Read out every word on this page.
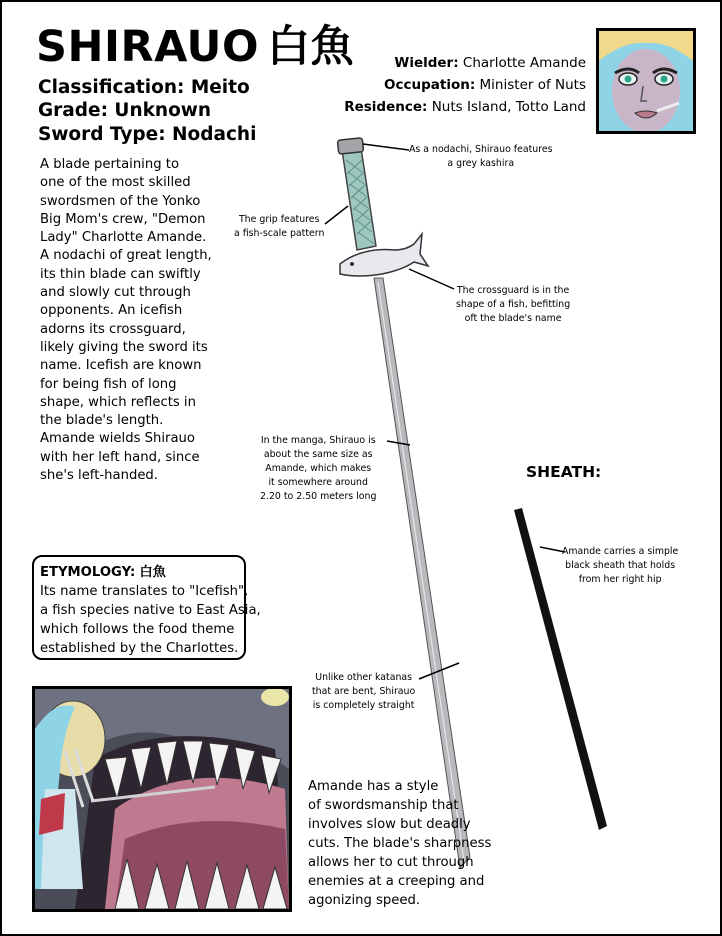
SHIRAUO 白魚
Classification: Meito
Grade: Unknown
Sword Type: Nodachi
Wielder: Charlotte Amande
Occupation: Minister of Nuts
Residence: Nuts Island, Totto Land
A blade pertaining to
one of the most skilled
swordsmen of the Yonko
Big Mom's crew, "Demon
Lady" Charlotte Amande.
A nodachi of great length,
its thin blade can swiftly
and slowly cut through
opponents. An icefish
adorns its crossguard,
likely giving the sword its
name. Icefish are known
for being fish of long
shape, which reflects in
the blade's length.
Amande wields Shirauo
with her left hand, since
she's left-handed.
As a nodachi, Shirauo features
a grey kashira
The grip features
a fish-scale pattern
The crossguard is in the
shape of a fish, befitting
oft the blade's name
In the manga, Shirauo is
about the same size as
Amande, which makes
it somewhere around
2.20 to 2.50 meters long
Unlike other katanas
that are bent, Shirauo
is completely straight
Amande carries a simple
black sheath that holds
from her right hip
SHEATH:
ETYMOLOGY: 白魚
Its name translates to "Icefish",
a fish species native to East Asia,
which follows the food theme
established by the Charlottes.
Amande has a style
of swordsmanship that
involves slow but deadly
cuts. The blade's sharpness
allows her to cut through
enemies at a creeping and
agonizing speed.
